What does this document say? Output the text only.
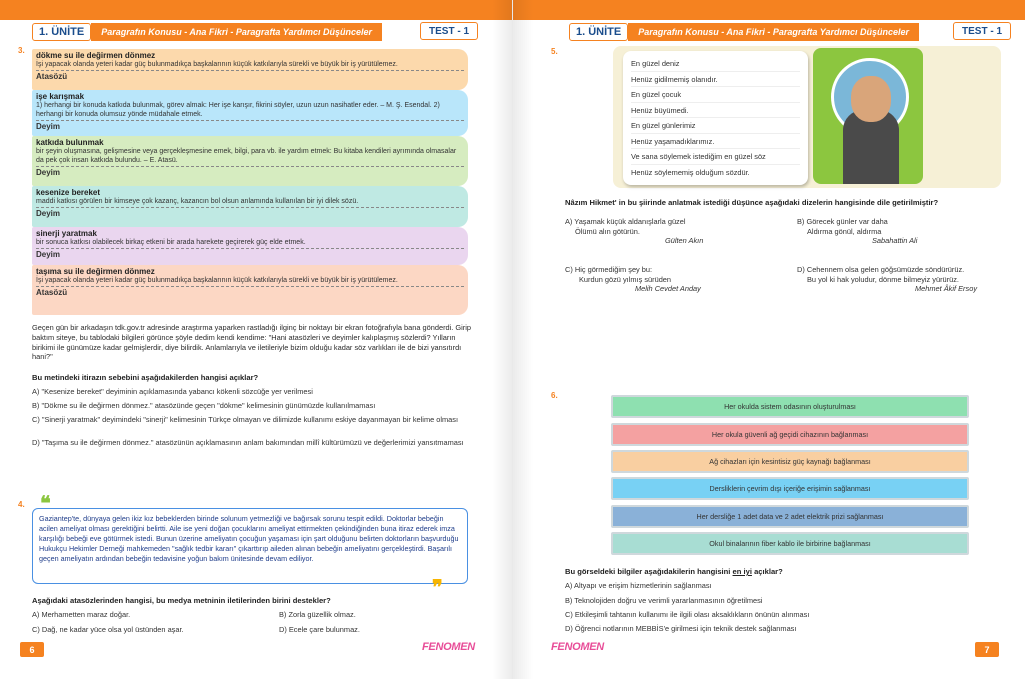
1. ÜNİTE	Paragrafın Konusu - Ana Fikri - Paragrafta Yardımcı Düşünceler	TEST - 1
3.
dökme su ile değirmen dönmez
İşi yapacak olanda yeteri kadar güç bulunmadıkça başkalarının küçük katkılarıyla sürekli ve büyük bir iş yürütülemez.
Atasözü
işe karışmak
1) herhangi bir konuda katkıda bulunmak, görev almak: Her işe karışır, fikrini söyler, uzun uzun nasihatler eder. – M. Ş. Esendal. 2) herhangi bir konuda olumsuz yönde müdahale etmek.
Deyim
katkıda bulunmak
bir şeyin oluşmasına, gelişmesine veya gerçekleşmesine emek, bilgi, para vb. ile yardım etmek: Bu kitaba kendileri ayrımında olmasalar da pek çok insan katkıda bulundu. – E. Atasü.
Deyim
kesenize bereket
maddi katkısı görülen bir kimseye çok kazanç, kazancın bol olsun anlamında kullanılan bir iyi dilek sözü.
Deyim
sinerji yaratmak
bir sonuca katkısı olabilecek birkaç etkeni bir arada harekete geçirerek güç elde etmek.
Deyim
taşıma su ile değirmen dönmez
İşi yapacak olanda yeteri kadar güç bulunmadıkça başkalarının küçük katkılarıyla sürekli ve büyük bir iş yürütülemez.
Atasözü
Geçen gün bir arkadaşın tdk.gov.tr adresinde araştırma yaparken rastladığı ilginç bir noktayı bir ekran fotoğrafıyla bana gönderdi. Girip baktım siteye, bu tablodaki bilgileri görünce şöyle dedim kendi kendime: "Hani atasözleri ve deyimler kalıplaşmış sözlerdi? Yılların birikimi ile günümüze kadar gelmişlerdir, diye bilirdik. Anlamlarıyla ve iletileriyle bizim olduğu kadar söz varlıkları ile de bizi yansıtırdı hani?"
Bu metindeki itirazın sebebini aşağıdakilerden hangisi açıklar?
A) "Kesenize bereket" deyiminin açıklamasında yabancı kökenli sözcüğe yer verilmesi
B) "Dökme su ile değirmen dönmez." atasözünde geçen "dökme" kelimesinin günümüzde kullanılmaması
C) "Sinerji yaratmak" deyimindeki "sinerji" kelimesinin Türkçe olmayan ve dilimizde kullanımı eskiye dayanmayan bir kelime olması
D) "Taşıma su ile değirmen dönmez." atasözünün açıklamasının anlam bakımından millî kültürümüzü ve değerlerimizi yansıtmaması
4.
Gaziantep'te, dünyaya gelen ikiz kız bebeklerden birinde solunum yetmezliği ve bağırsak sorunu tespit edildi. Doktorlar bebeğin acilen ameliyat olması gerektiğini belirtti. Aile ise yeni doğan çocuklarını ameliyat ettirmekten çekindiğinden buna itiraz ederek imza karşılığı bebeği eve götürmek istedi. Bunun üzerine ameliyatın çocuğun yaşaması için şart olduğunu belirten doktorların başvurduğu Hukukçu Hekimler Derneği mahkemeden "sağlık tedbir kararı" çıkarttırıp aileden alınan bebeğin ameliyatını gerçekleştirdi. Başarılı geçen ameliyatın ardından bebeğin tedavisine yoğun bakım ünitesinde devam ediliyor.
❝
❞
Aşağıdaki atasözlerinden hangisi, bu medya metninin iletilerinden birini destekler?
A) Merhametten maraz doğar.	B) Zorla güzellik olmaz.
C) Dağ, ne kadar yüce olsa yol üstünden aşar.	D) Ecele çare bulunmaz.
6	FENOMEN
1. ÜNİTE	Paragrafın Konusu - Ana Fikri - Paragrafta Yardımcı Düşünceler	TEST - 1
5.
En güzel deniz
Henüz gidilmemiş olanıdır.
En güzel çocuk
Henüz büyümedi.
En güzel günlerimiz
Henüz yaşamadıklarımız.
Ve sana söylemek istediğim en güzel söz
Henüz söylememiş olduğum sözdür.
Nâzım Hikmet' in bu şiirinde anlatmak istediği düşünce aşağıdaki dizelerin hangisinde dile getirilmiştir?
A) Yaşamak küçük aldanışlarla güzel
Ölümü alın götürün.
Gülten Akın
B) Görecek günler var daha
Aldırma gönül, aldırma
Sabahattin Ali
C) Hiç görmediğim şey bu:
Kurdun gözü yılmış sürüden
Melih Cevdet Anday
D) Cehennem olsa gelen göğsümüzde söndürürüz.
Bu yol ki hak yoludur, dönme bilmeyiz yürürüz.
Mehmet Âkif Ersoy
6.
Her okulda sistem odasının oluşturulması
Her okula güvenli ağ geçidi cihazının bağlanması
Ağ cihazları için kesintisiz güç kaynağı bağlanması
Dersliklerin çevrim dışı içeriğe erişimin sağlanması
Her dersliğe 1 adet data ve 2 adet elektrik prizi sağlanması
Okul binalarının fiber kablo ile birbirine bağlanması
Bu görseldeki bilgiler aşağıdakilerin hangisini en iyi açıklar?
A) Altyapı ve erişim hizmetlerinin sağlanması
B) Teknolojiden doğru ve verimli yararlanmasının öğretilmesi
C) Etkileşimli tahtanın kullanımı ile ilgili olası aksaklıkların önünün alınması
D) Öğrenci notlarının MEBBİS'e girilmesi için teknik destek sağlanması
FENOMEN	7
